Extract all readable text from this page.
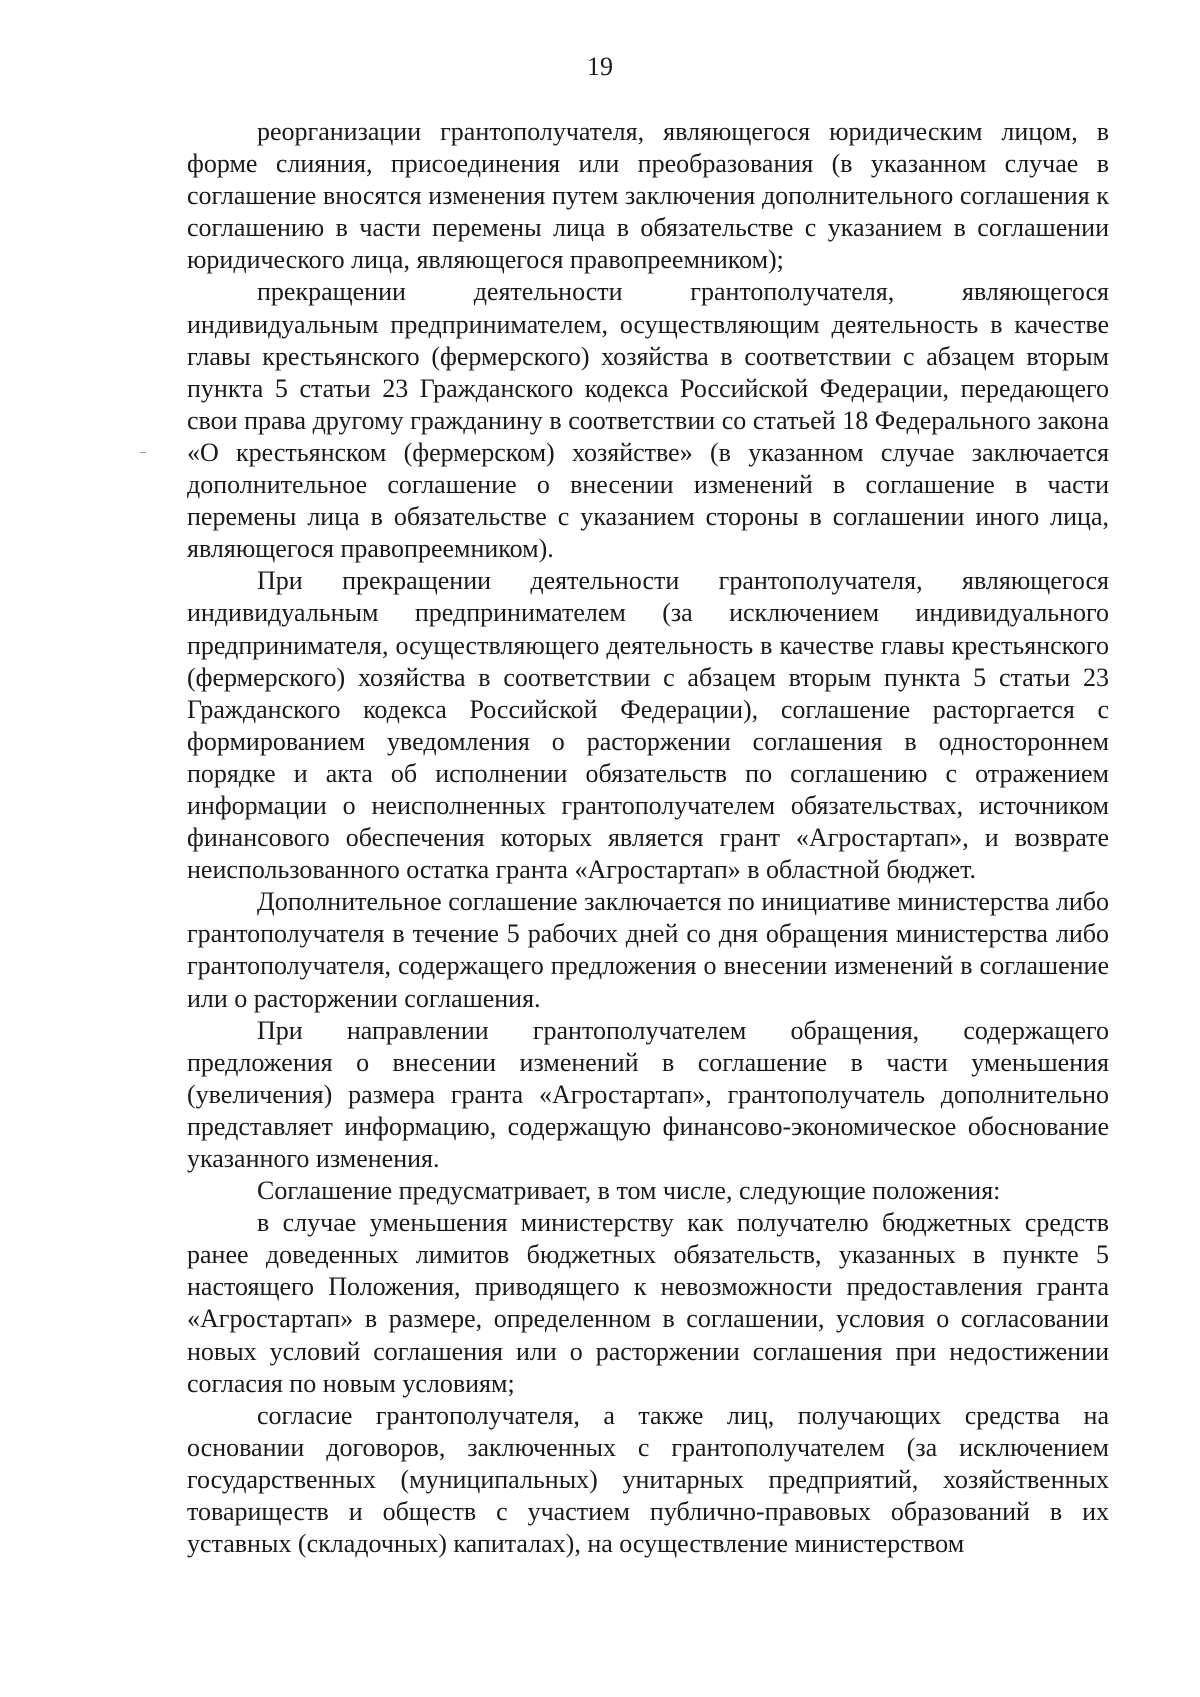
19

реорганизации грантополучателя, являющегося юридическим лицом, в форме слияния, присоединения или преобразования (в указанном случае в соглашение вносятся изменения путем заключения дополнительного соглашения к соглашению в части перемены лица в обязательстве с указанием в соглашении юридического лица, являющегося правопреемником);

прекращении деятельности грантополучателя, являющегося индивидуальным предпринимателем, осуществляющим деятельность в качестве главы крестьянского (фермерского) хозяйства в соответствии с абзацем вторым пункта 5 статьи 23 Гражданского кодекса Российской Федерации, передающего свои права другому гражданину в соответствии со статьей 18 Федерального закона «О крестьянском (фермерском) хозяйстве» (в указанном случае заключается дополнительное соглашение о внесении изменений в соглашение в части перемены лица в обязательстве с указанием стороны в соглашении иного лица, являющегося правопреемником).

При прекращении деятельности грантополучателя, являющегося индивидуальным предпринимателем (за исключением индивидуального предпринимателя, осуществляющего деятельность в качестве главы крестьянского (фермерского) хозяйства в соответствии с абзацем вторым пункта 5 статьи 23 Гражданского кодекса Российской Федерации), соглашение расторгается с формированием уведомления о расторжении соглашения в одностороннем порядке и акта об исполнении обязательств по соглашению с отражением информации о неисполненных грантополучателем обязательствах, источником финансового обеспечения которых является грант «Агростартап», и возврате неиспользованного остатка гранта «Агростартап» в областной бюджет.

Дополнительное соглашение заключается по инициативе министерства либо грантополучателя в течение 5 рабочих дней со дня обращения министерства либо грантополучателя, содержащего предложения о внесении изменений в соглашение или о расторжении соглашения.

При направлении грантополучателем обращения, содержащего предложения о внесении изменений в соглашение в части уменьшения (увеличения) размера гранта «Агростартап», грантополучатель дополнительно представляет информацию, содержащую финансово-экономическое обоснование указанного изменения.

Соглашение предусматривает, в том числе, следующие положения:

в случае уменьшения министерству как получателю бюджетных средств ранее доведенных лимитов бюджетных обязательств, указанных в пункте 5 настоящего Положения, приводящего к невозможности предоставления гранта «Агростартап» в размере, определенном в соглашении, условия о согласовании новых условий соглашения или о расторжении соглашения при недостижении согласия по новым условиям;

согласие грантополучателя, а также лиц, получающих средства на основании договоров, заключенных с грантополучателем (за исключением государственных (муниципальных) унитарных предприятий, хозяйственных товариществ и обществ с участием публично-правовых образований в их уставных (складочных) капиталах), на осуществление министерством
